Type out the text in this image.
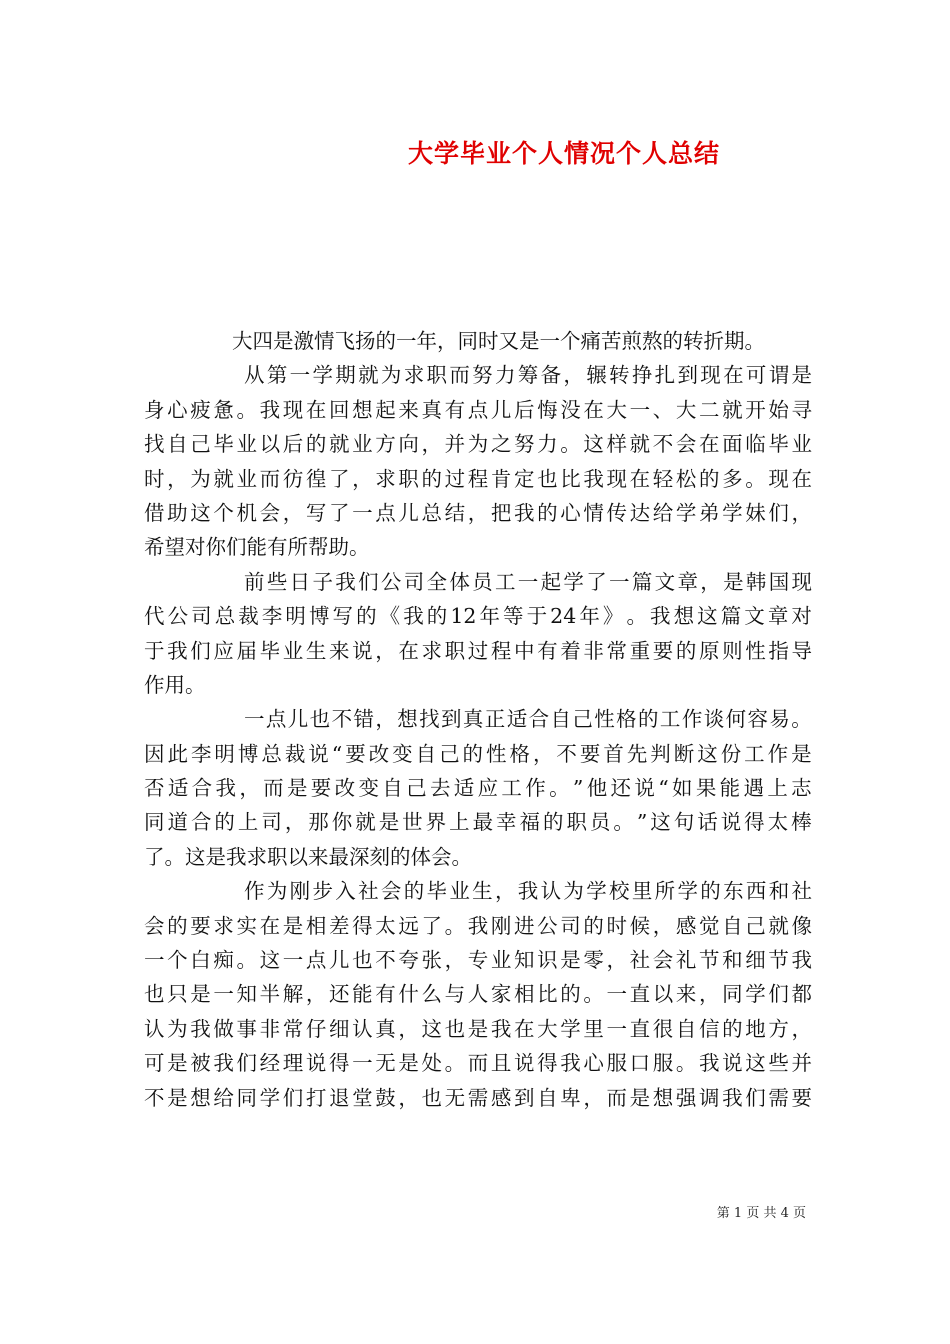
大学毕业个人情况个人总结
大四是激情飞扬的一年，同时又是一个痛苦煎熬的转折期。
从 第 一 学 期 就 为 求 职 而 努 力 筹 备 ， 辗 转 挣 扎 到 现 在 可 谓 是
身 心 疲 惫 。 我 现 在 回 想 起 来 真 有 点 儿 后 悔 没 在 大 一 、 大 二 就 开 始 寻
找 自 己 毕 业 以 后 的 就 业 方 向 ， 并 为 之 努 力 。 这 样 就 不 会 在 面 临 毕 业
时 ， 为 就 业 而 彷 徨 了 ， 求 职 的 过 程 肯 定 也 比 我 现 在 轻 松 的 多 。 现 在
借 助 这 个 机 会 ， 写 了 一 点 儿 总 结 ， 把 我 的 心 情 传 达 给 学 弟 学 妹 们 ，
希望对你们能有所帮助。
前 些 日 子 我 们 公 司 全 体 员 工 一 起 学 了 一 篇 文 章 ， 是 韩 国 现
代 公 司 总 裁 李 明 博 写 的 《 我 的 12 年 等 于 24 年 》 。 我 想 这 篇 文 章 对
于 我 们 应 届 毕 业 生 来 说 ， 在 求 职 过 程 中 有 着 非 常 重 要 的 原 则 性 指 导
作用。
一 点 儿 也 不 错 ， 想 找 到 真 正 适 合 自 己 性 格 的 工 作 谈 何 容 易 。
因 此 李 明 博 总 裁 说 “ 要 改 变 自 己 的 性 格 ， 不 要 首 先 判 断 这 份 工 作 是
否 适 合 我 ， 而 是 要 改 变 自 己 去 适 应 工 作 。 ” 他 还 说 “ 如 果 能 遇 上 志
同 道 合 的 上 司 ， 那 你 就 是 世 界 上 最 幸 福 的 职 员 。 ” 这 句 话 说 得 太 棒
了。这是我求职以来最深刻的体会。
作 为 刚 步 入 社 会 的 毕 业 生 ， 我 认 为 学 校 里 所 学 的 东 西 和 社
会 的 要 求 实 在 是 相 差 得 太 远 了 。 我 刚 进 公 司 的 时 候 ， 感 觉 自 己 就 像
一 个 白 痴 。 这 一 点 儿 也 不 夸 张 ， 专 业 知 识 是 零 ， 社 会 礼 节 和 细 节 我
也 只 是 一 知 半 解 ， 还 能 有 什 么 与 人 家 相 比 的 。 一 直 以 来 ， 同 学 们 都
认 为 我 做 事 非 常 仔 细 认 真 ， 这 也 是 我 在 大 学 里 一 直 很 自 信 的 地 方 ，
可 是 被 我 们 经 理 说 得 一 无 是 处 。 而 且 说 得 我 心 服 口 服 。 我 说 这 些 并
不 是 想 给 同 学 们 打 退 堂 鼓 ， 也 无 需 感 到 自 卑 ， 而 是 想 强 调 我 们 需 要
第 1 页 共 4 页
